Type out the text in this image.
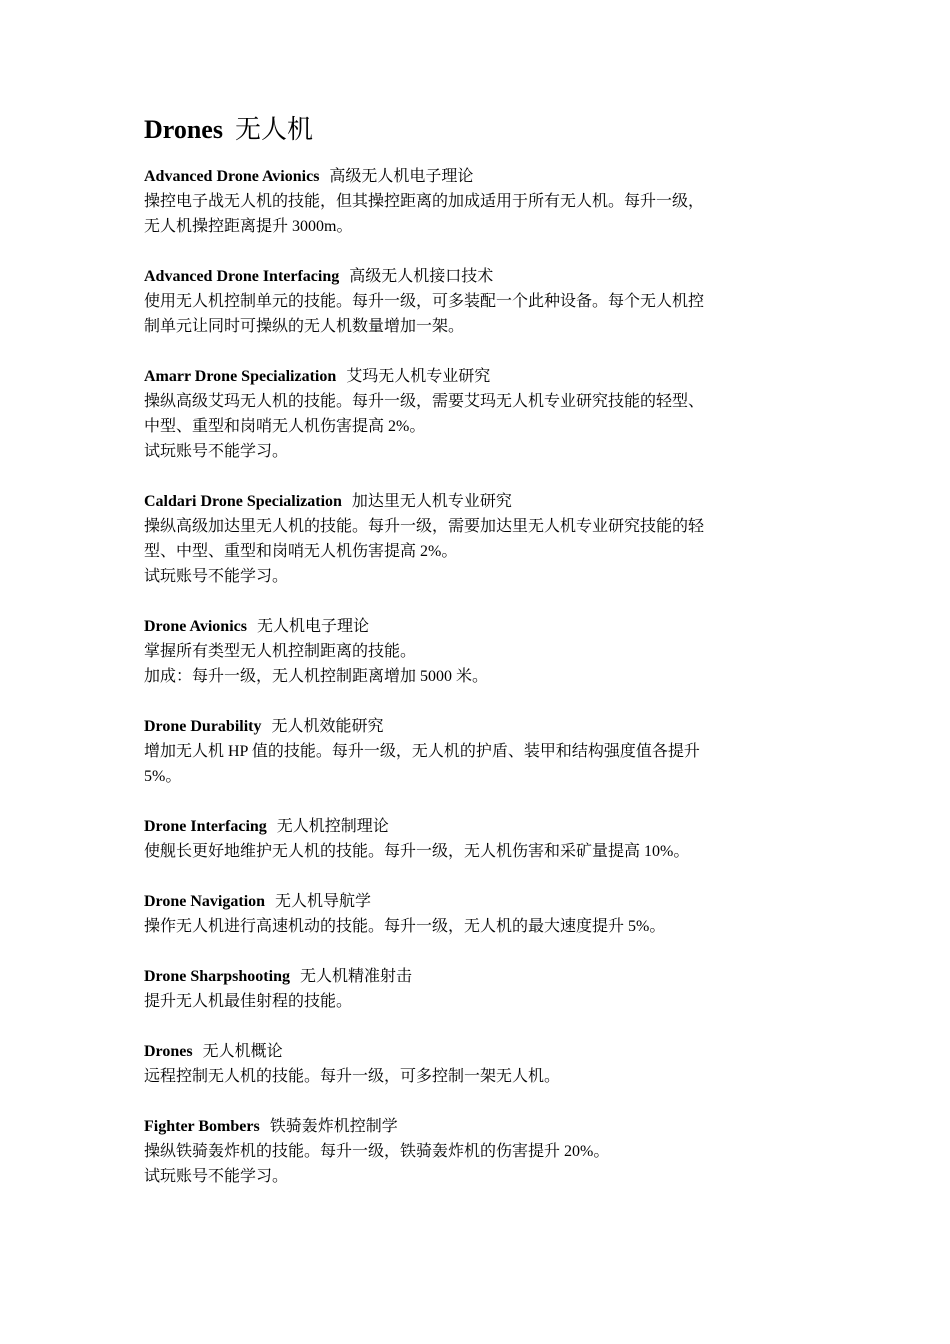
Drones 无人机
Advanced Drone Avionics 高级无人机电子理论
操控电子战无人机的技能，但其操控距离的加成适用于所有无人机。每升一级，
无人机操控距离提升 3000m。
Advanced Drone Interfacing 高级无人机接口技术
使用无人机控制单元的技能。每升一级，可多装配一个此种设备。每个无人机控
制单元让同时可操纵的无人机数量增加一架。
Amarr Drone Specialization 艾玛无人机专业研究
操纵高级艾玛无人机的技能。每升一级，需要艾玛无人机专业研究技能的轻型、
中型、重型和岗哨无人机伤害提高 2%。
试玩账号不能学习。
Caldari Drone Specialization 加达里无人机专业研究
操纵高级加达里无人机的技能。每升一级，需要加达里无人机专业研究技能的轻
型、中型、重型和岗哨无人机伤害提高 2%。
试玩账号不能学习。
Drone Avionics 无人机电子理论
掌握所有类型无人机控制距离的技能。
加成：每升一级，无人机控制距离增加 5000 米。
Drone Durability 无人机效能研究
增加无人机 HP 值的技能。每升一级，无人机的护盾、装甲和结构强度值各提升
5%。
Drone Interfacing 无人机控制理论
使舰长更好地维护无人机的技能。每升一级，无人机伤害和采矿量提高 10%。
Drone Navigation 无人机导航学
操作无人机进行高速机动的技能。每升一级，无人机的最大速度提升 5%。
Drone Sharpshooting 无人机精准射击
提升无人机最佳射程的技能。
Drones 无人机概论
远程控制无人机的技能。每升一级，可多控制一架无人机。
Fighter Bombers 铁骑轰炸机控制学
操纵铁骑轰炸机的技能。每升一级，铁骑轰炸机的伤害提升 20%。
试玩账号不能学习。
